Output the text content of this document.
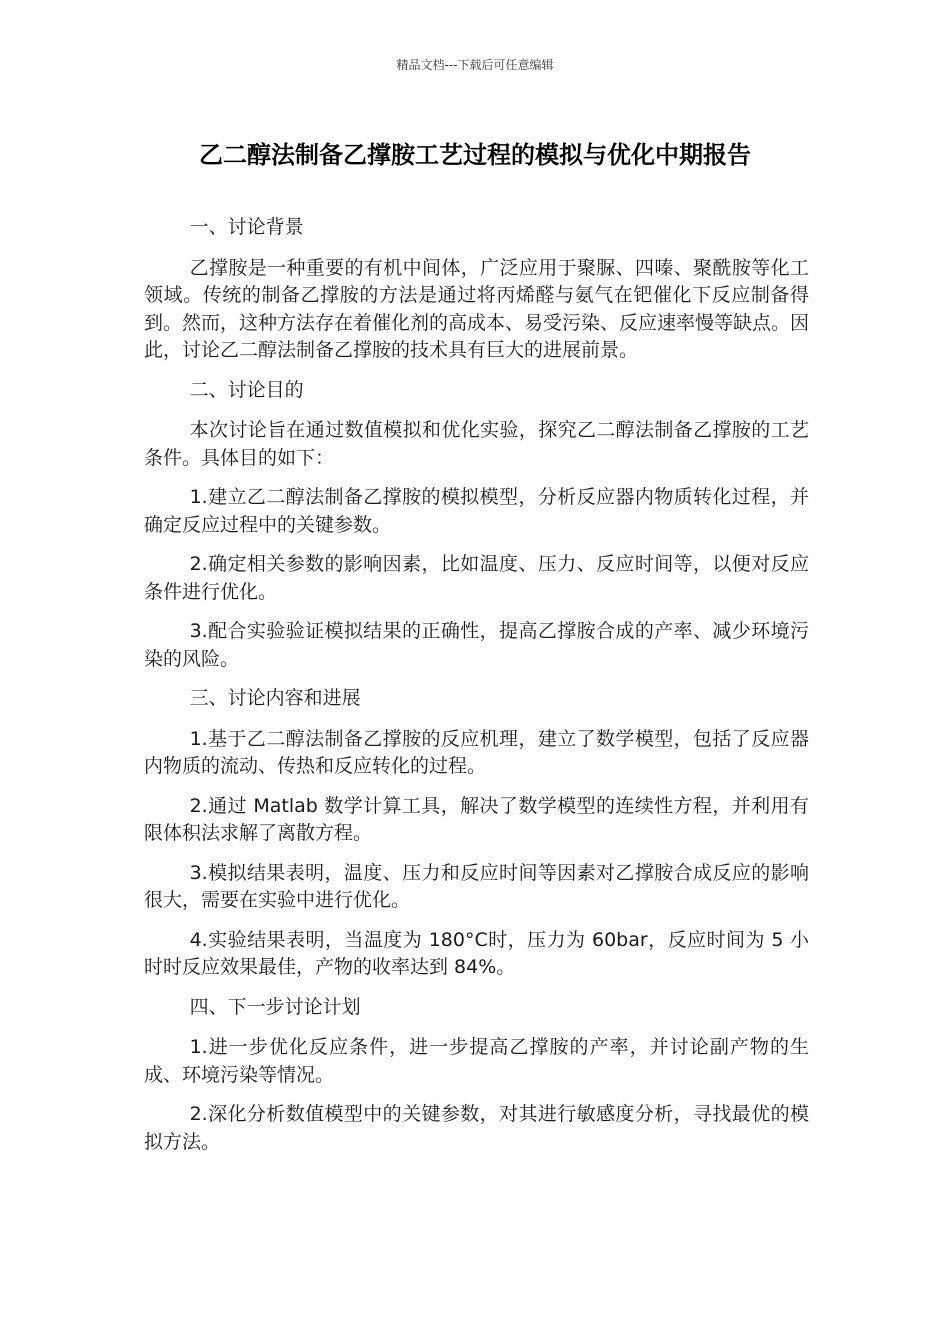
精品文档---下载后可任意编辑
乙二醇法制备乙撑胺工艺过程的模拟与优化中期报告

一、讨论背景

乙撑胺是一种重要的有机中间体，广泛应用于聚脲、四嗪、聚酰胺等化工领域。传统的制备乙撑胺的方法是通过将丙烯醛与氨气在钯催化下反应制备得到。然而，这种方法存在着催化剂的高成本、易受污染、反应速率慢等缺点。因此，讨论乙二醇法制备乙撑胺的技术具有巨大的进展前景。

二、讨论目的

本次讨论旨在通过数值模拟和优化实验，探究乙二醇法制备乙撑胺的工艺条件。具体目的如下：

1.建立乙二醇法制备乙撑胺的模拟模型，分析反应器内物质转化过程，并确定反应过程中的关键参数。

2.确定相关参数的影响因素，比如温度、压力、反应时间等，以便对反应条件进行优化。

3.配合实验验证模拟结果的正确性，提高乙撑胺合成的产率、减少环境污染的风险。

三、讨论内容和进展

1.基于乙二醇法制备乙撑胺的反应机理，建立了数学模型，包括了反应器内物质的流动、传热和反应转化的过程。

2.通过 Matlab 数学计算工具，解决了数学模型的连续性方程，并利用有限体积法求解了离散方程。

3.模拟结果表明，温度、压力和反应时间等因素对乙撑胺合成反应的影响很大，需要在实验中进行优化。

4.实验结果表明，当温度为 180°C时，压力为 60bar，反应时间为 5 小时时反应效果最佳，产物的收率达到 84%。

四、下一步讨论计划

1.进一步优化反应条件，进一步提高乙撑胺的产率，并讨论副产物的生成、环境污染等情况。

2.深化分析数值模型中的关键参数，对其进行敏感度分析，寻找最优的模拟方法。
